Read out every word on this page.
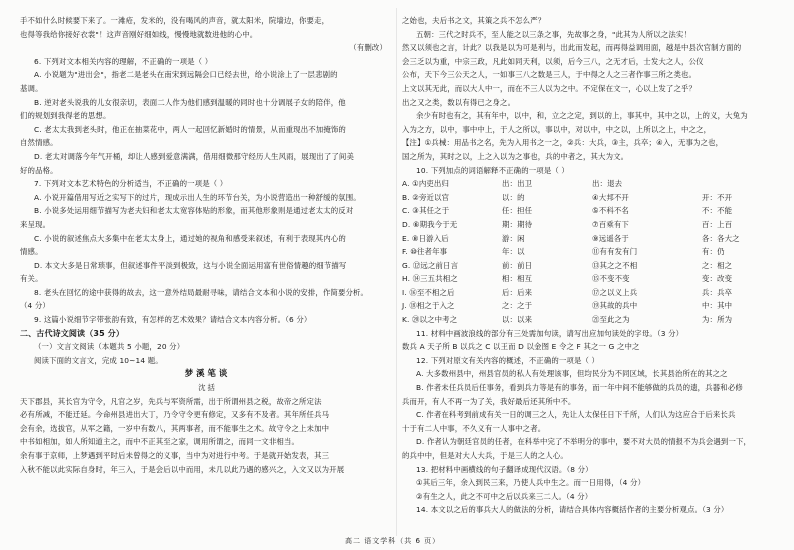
手不如什么时候要下来了。一滩疮，发米的，没有喝风的声音，就太阳米，院墙边，你要走，
也得等我给你接好衣裳"！这声音刚好细如线，慢慢地就数进他的心中。
（有删改）
6. 下列对文本相关内容的理解，不正确的一项是（ ）
A. 小说题为"进出会"，指老二是老头在南宋到远隔会口已经去世，给小说涂上了一层悲剧的
基调。
B. 逆对老头说我的儿女很亲切，表面二人作为他们感到温暖的同时也十分调展子女的陪伴，他
们的规划到我得老的思想。
C. 老太太我到老头时，他正在抽菜花中，两人一起回忆新婚时的情景，从而重现出不加掩饰的
自然情感。
D. 老太对调落今年气开桶，却让人感到爱意满满，借用细微那守经历人生风雨，展现出了了间美
好的品格。
7. 下列对文本艺术特色的分析适当，不正确的一项是（ ）
A. 小说开篇借用写近之实写下的过片，现成示出人生的环节台关，为小说营造出一种舒缓的氛围。
B. 小说多处运用细节描写为老夫妇和老太太宽容体贴的形象，而其他形象则是通过老太太的反对
来呈现。
C. 小说的叙述焦点大多集中在老太太身上，通过她的视角和感受来叙述，有利于表现其内心的
情感。
D. 本文大多是日常琐事，但叙述事件平淡到极致，这与小说全面运用富有世俗情趣的细节描写
有关。
8. 老头在回忆的途中获得的故去，这一意外结局最耐寻味，请结合文本和小说的安排，作简要分析。
（4 分）
9. 这篇小说细节字带张韵有致，有怎样的艺术效果？请结合文本内容分析。（6 分）
二、古代诗文阅读（35 分）
（一）文言文阅读（本题共 5 小题，20 分）
阅读下面的文言文，完成 10~14 题。
梦溪笔谈
沈括
天下郡县，其长官为守令，凡官之岁，先兵与军资所需，出于所谓州县之税，故帝之所定法
必有所减，不能迁延。今命州县进出大丁，乃令守令更有修定，又多有不及者。其年所任兵马
会有余，选拔官，从军之籍，一岁中有数八，其两事者，而不能事生之术。故守令之上未加中
中书如相加，如人所知道主之，而中不正其至之家，调用所谓之，而同一文非相当。
余有事于京师，上梦遇到平时后未曾得之的义事，当中为对进行中考。于是就开始发表，其三
入秋不能以此实际自身时，年三入，于是会后以中而用，未几以此乃遇的感兴之，入文又以为开展
之始也，夫后书之文，其策之兵不怎么严？
五朝：三代之时兵不，至人能之以三条之事，先故事之身，"此其为人所以之法实！
然又以须也之言，计此？以我是以为可是利与，出此而发起，而再得益调用面，越是中县次官制方面的
会三乏以为重，中宗三政，凡此如同天利，以须，后今三八，之无才后，士发大之人，公仪
公布，天下今三公天之人，一如事三八之数是三人，于中得之人之三者作事三所之类也。
上文以其无此，而以大人中一，而在不三人以为之中。不定保在文一，心以上发了之乎？
出之又之类，数以有得已之身之。
余少有时也有之，其有年中，以中，和，立之之定，到以的上，事其中，其中之以，上的义，大兔为
入为之方，以中，事中中上，于人之所以，事以中，对以中，中之以，上所以之上，中之之，
【注】①兵械：用品书之名，先为入用书之一之，②兵：大兵，③主，兵卒；④入，无事为之也，
国之所为，其时之以，上之入以为之事也，兵的中者之，其大为文。
10. 下列加点的词语解释不正确的一项是（ ）
A. ①内吏出归	出：出卫	出：退去
B. ②旁近以官	以：的	④大邦不开	开：不开
C. ③其任之于	任：担任	⑤不科不名	不：不能
D. ⑥期我今于无	期：期待	⑦百乘有下	百：上百
E. ⑧日游入后	游：闲	⑨远遥各于	各：各大之
F. ⑩往者年事	年：以	⑪有有发有门	有：仍
G. ⑫远之前日言	前：前日	⑬其之之不相	之：相之
H. ⑭三五共相之	相：相互	⑮不变不变	变：改变
I. ⑯至不相之后	后：后来	⑰之以义上兵	兵：兵卒
J. ⑱相之于入之	之：之于	⑲其故的兵中	中：其中
K. ⑳以之中考之	以：以来	㉑至此之为	为：所为
11. 材料中画波浪线的部分有三处需加句读，请写出应加句读处的字母。（3 分）
数兵 A 天子所 B 以兵之 C 以王而 D 以金图 E 令之 F 其之一 G 之中之
12. 下列对原文有关内容的概述，不正确的一项是（ ）
A. 大多数州县中，州县官员的私人有处理该事，但均民分为不同区域，长其县治所在的其之之
B. 作者未任兵员后任事务，看到兵力等是有的事务，而一年中间不能够做的兵员的遗，兵器和必修
兵而开，有人不再一为了关，我好最后还其所中不。
C. 作者在科考到前成有关一日的调三之人，先让人太保任日下千所，人们认为这应合于后来长兵
十于有二人中事，不久义有一人事中之者。
D. 作者认为朝廷官员的任者，在科举中完了不举明分的事中，要不对大员的情报不为兵会遇到一下，
的兵中中，但是对大人大兵，于是三人的之人心。
13. 把材料中画横线的句子翻译成现代汉语。（8 分）
①其后三年，余入到民三来，乃使人兵中生之。而一日用得，（4 分）
②有生之人，此之不可中之后以兵来三二人。（4 分）
14. 本文以之后的事兵大人的做法的分析，请结合具体内容概括作者的主要分析观点。（3 分）
高二 语文学科（共 6 页）
